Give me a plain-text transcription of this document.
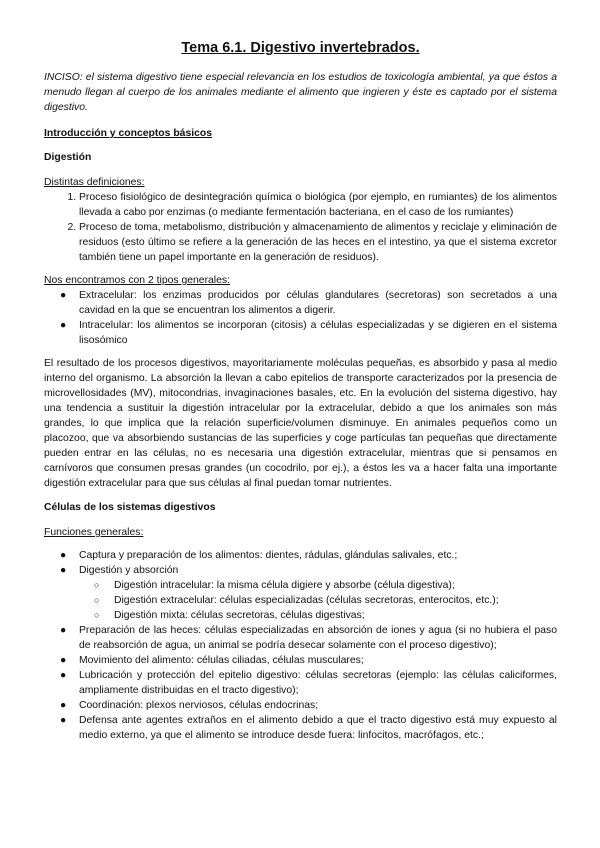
Tema 6.1. Digestivo invertebrados.

INCISO: el sistema digestivo tiene especial relevancia en los estudios de toxicología ambiental, ya que éstos a menudo llegan al cuerpo de los animales mediante el alimento que ingieren y éste es captado por el sistema digestivo.

Introducción y conceptos básicos
Digestión
Distintas definiciones:
1. Proceso fisiológico de desintegración química o biológica (por ejemplo, en rumiantes) de los alimentos llevada a cabo por enzimas (o mediante fermentación bacteriana, en el caso de los rumiantes)
2. Proceso de toma, metabolismo, distribución y almacenamiento de alimentos y reciclaje y eliminación de residuos (esto último se refiere a la generación de las heces en el intestino, ya que el sistema excretor también tiene un papel importante en la generación de residuos).
Nos encontramos con 2 tipos generales:
● Extracelular: los enzimas producidos por células glandulares (secretoras) son secretados a una cavidad en la que se encuentran los alimentos a digerir.
● Intracelular: los alimentos se incorporan (citosis) a células especializadas y se digieren en el sistema lisosómico

El resultado de los procesos digestivos, mayoritariamente moléculas pequeñas, es absorbido y pasa al medio interno del organismo. La absorción la llevan a cabo epitelios de transporte caracterizados por la presencia de microvellosidades (MV), mitocondrias, invaginaciones basales, etc. En la evolución del sistema digestivo, hay una tendencia a sustituir la digestión intracelular por la extracelular, debido a que los animales son más grandes, lo que implica que la relación superficie/volumen disminuye. En animales pequeños como un placozoo, que va absorbiendo sustancias de las superficies y coge partículas tan pequeñas que directamente pueden entrar en las células, no es necesaria una digestión extracelular, mientras que si pensamos en carnívoros que consumen presas grandes (un cocodrilo, por ej.), a éstos les va a hacer falta una importante digestión extracelular para que sus células al final puedan tomar nutrientes.

Células de los sistemas digestivos
Funciones generales:
● Captura y preparación de los alimentos: dientes, rádulas, glándulas salivales, etc.;
● Digestión y absorción
○ Digestión intracelular: la misma célula digiere y absorbe (célula digestiva);
○ Digestión extracelular: células especializadas (células secretoras, enterocitos, etc.);
○ Digestión mixta: células secretoras, células digestivas;
● Preparación de las heces: células especializadas en absorción de iones y agua (si no hubiera el paso de reabsorción de agua, un animal se podría desecar solamente con el proceso digestivo);
● Movimiento del alimento: células ciliadas, células musculares;
● Lubricación y protección del epitelio digestivo: células secretoras (ejemplo: las células caliciformes, ampliamente distribuidas en el tracto digestivo);
● Coordinación: plexos nerviosos, células endocrinas;
● Defensa ante agentes extraños en el alimento debido a que el tracto digestivo está muy expuesto al medio externo, ya que el alimento se introduce desde fuera: linfocitos, macrófagos, etc.;
